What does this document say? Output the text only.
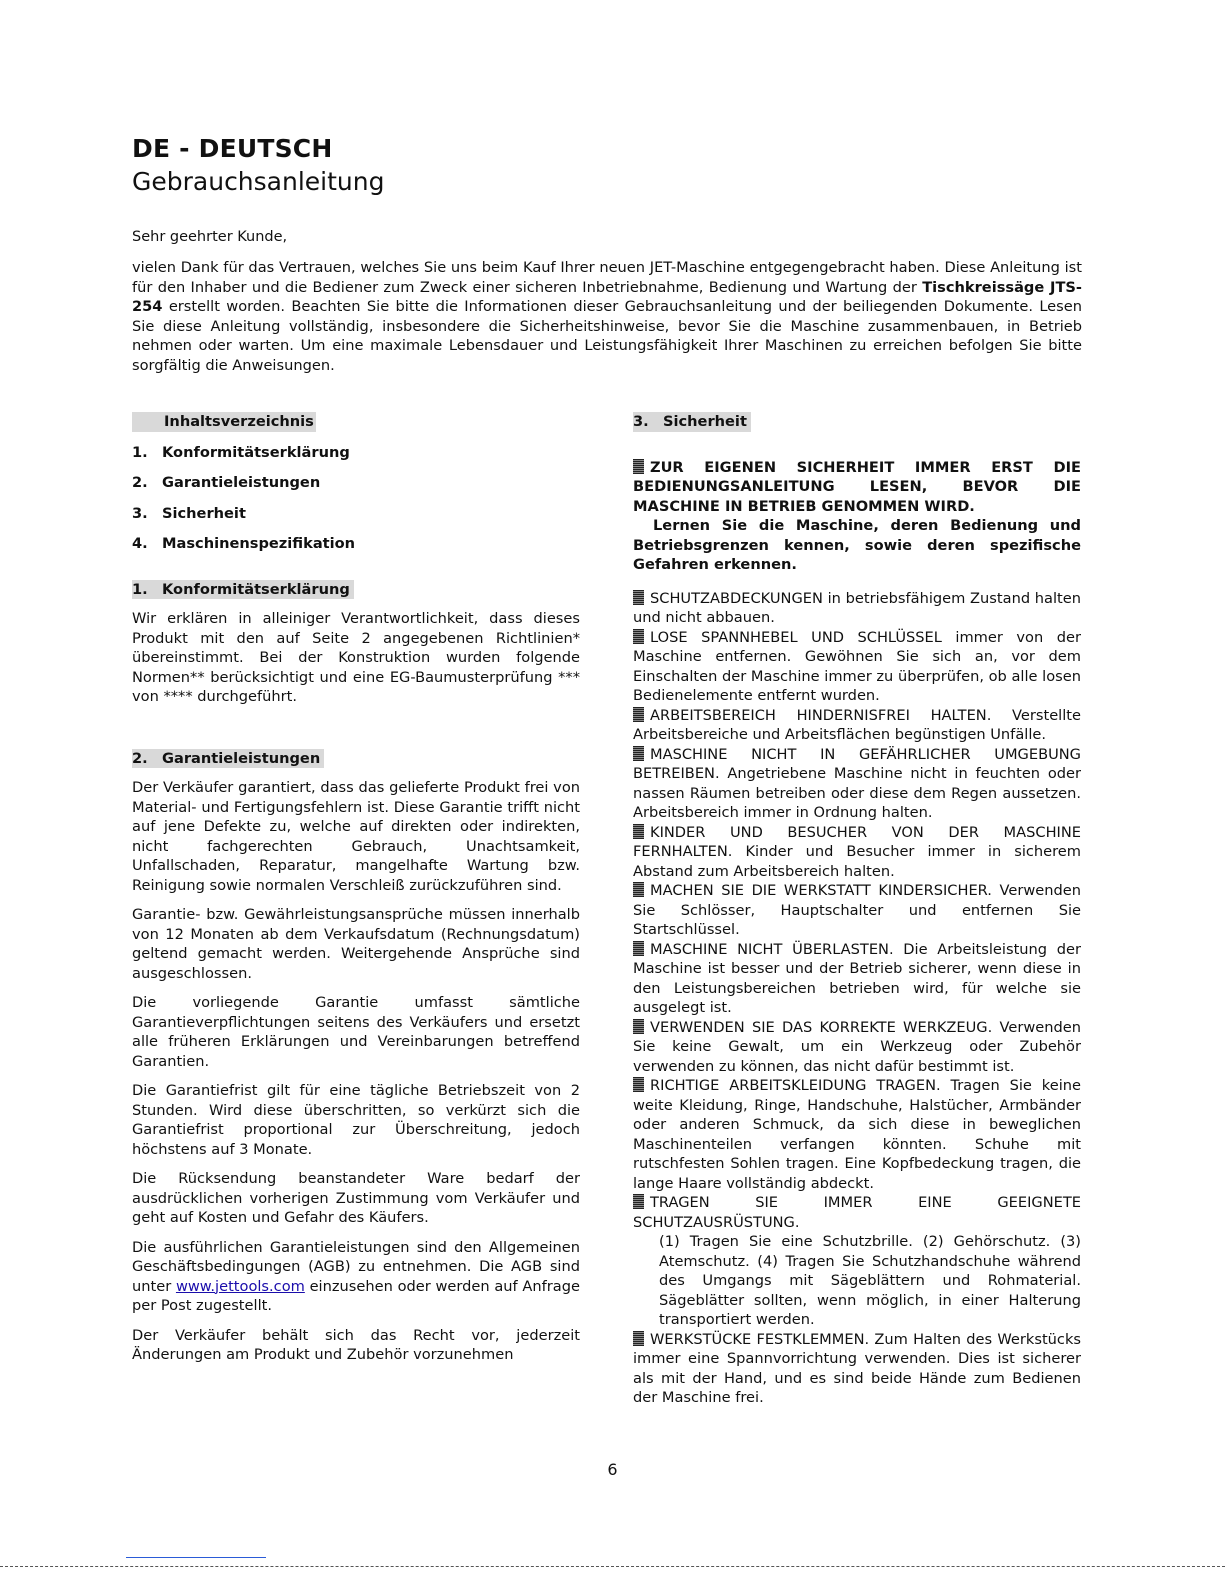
DE - DEUTSCH
Gebrauchsanleitung
Sehr geehrter Kunde,
vielen Dank für das Vertrauen, welches Sie uns beim Kauf Ihrer neuen JET-Maschine entgegengebracht haben. Diese Anleitung ist für den Inhaber und die Bediener zum Zweck einer sicheren Inbetriebnahme, Bedienung und Wartung der Tischkreissäge JTS-254 erstellt worden. Beachten Sie bitte die Informationen dieser Gebrauchsanleitung und der beiliegenden Dokumente. Lesen Sie diese Anleitung vollständig, insbesondere die Sicherheitshinweise, bevor Sie die Maschine zusammenbauen, in Betrieb nehmen oder warten. Um eine maximale Lebensdauer und Leistungsfähigkeit Ihrer Maschinen zu erreichen befolgen Sie bitte sorgfältig die Anweisungen.
Inhaltsverzeichnis
1. Konformitätserklärung
2. Garantieleistungen
3. Sicherheit
4. Maschinenspezifikation
1. Konformitätserklärung

Wir erklären in alleiniger Verantwortlichkeit, dass dieses Produkt mit den auf Seite 2 angegebenen Richtlinien* übereinstimmt. Bei der Konstruktion wurden folgende Normen** berücksichtigt und eine EG-Baumusterprüfung *** von **** durchgeführt.

2. Garantieleistungen

Der Verkäufer garantiert, dass das gelieferte Produkt frei von Material- und Fertigungsfehlern ist. Diese Garantie trifft nicht auf jene Defekte zu, welche auf direkten oder indirekten, nicht fachgerechten Gebrauch, Unachtsamkeit, Unfallschaden, Reparatur, mangelhafte Wartung bzw. Reinigung sowie normalen Verschleiß zurückzuführen sind.

Garantie- bzw. Gewährleistungsansprüche müssen innerhalb von 12 Monaten ab dem Verkaufsdatum (Rechnungsdatum) geltend gemacht werden. Weitergehende Ansprüche sind ausgeschlossen.

Die vorliegende Garantie umfasst sämtliche Garantieverpflichtungen seitens des Verkäufers und ersetzt alle früheren Erklärungen und Vereinbarungen betreffend Garantien.

Die Garantiefrist gilt für eine tägliche Betriebszeit von 2 Stunden. Wird diese überschritten, so verkürzt sich die Garantiefrist proportional zur Überschreitung, jedoch höchstens auf 3 Monate.

Die Rücksendung beanstandeter Ware bedarf der ausdrücklichen vorherigen Zustimmung vom Verkäufer und geht auf Kosten und Gefahr des Käufers.

Die ausführlichen Garantieleistungen sind den Allgemeinen Geschäftsbedingungen (AGB) zu entnehmen. Die AGB sind unter www.jettools.com einzusehen oder werden auf Anfrage per Post zugestellt.

Der Verkäufer behält sich das Recht vor, jederzeit Änderungen am Produkt und Zubehör vorzunehmen

3. Sicherheit
ZUR EIGENEN SICHERHEIT IMMER ERST DIE BEDIENUNGSANLEITUNG LESEN, BEVOR DIE MASCHINE IN BETRIEB GENOMMEN WIRD.
Lernen Sie die Maschine, deren Bedienung und Betriebsgrenzen kennen, sowie deren spezifische Gefahren erkennen.
SCHUTZABDECKUNGEN in betriebsfähigem Zustand halten und nicht abbauen.
LOSE SPANNHEBEL UND SCHLÜSSEL immer von der Maschine entfernen. Gewöhnen Sie sich an, vor dem Einschalten der Maschine immer zu überprüfen, ob alle losen Bedienelemente entfernt wurden.
ARBEITSBEREICH HINDERNISFREI HALTEN. Verstellte Arbeitsbereiche und Arbeitsflächen begünstigen Unfälle.
MASCHINE NICHT IN GEFÄHRLICHER UMGEBUNG BETREIBEN. Angetriebene Maschine nicht in feuchten oder nassen Räumen betreiben oder diese dem Regen aussetzen. Arbeitsbereich immer in Ordnung halten.
KINDER UND BESUCHER VON DER MASCHINE FERNHALTEN. Kinder und Besucher immer in sicherem Abstand zum Arbeitsbereich halten.
MACHEN SIE DIE WERKSTATT KINDERSICHER. Verwenden Sie Schlösser, Hauptschalter und entfernen Sie Startschlüssel.
MASCHINE NICHT ÜBERLASTEN. Die Arbeitsleistung der Maschine ist besser und der Betrieb sicherer, wenn diese in den Leistungsbereichen betrieben wird, für welche sie ausgelegt ist.
VERWENDEN SIE DAS KORREKTE WERKZEUG. Verwenden Sie keine Gewalt, um ein Werkzeug oder Zubehör verwenden zu können, das nicht dafür bestimmt ist.
RICHTIGE ARBEITSKLEIDUNG TRAGEN. Tragen Sie keine weite Kleidung, Ringe, Handschuhe, Halstücher, Armbänder oder anderen Schmuck, da sich diese in beweglichen Maschinenteilen verfangen könnten. Schuhe mit rutschfesten Sohlen tragen. Eine Kopfbedeckung tragen, die lange Haare vollständig abdeckt.
TRAGEN SIE IMMER EINE GEEIGNETE SCHUTZAUSRÜSTUNG.
(1) Tragen Sie eine Schutzbrille. (2) Gehörschutz. (3) Atemschutz. (4) Tragen Sie Schutzhandschuhe während des Umgangs mit Sägeblättern und Rohmaterial. Sägeblätter sollten, wenn möglich, in einer Halterung transportiert werden.
WERKSTÜCKE FESTKLEMMEN. Zum Halten des Werkstücks immer eine Spannvorrichtung verwenden. Dies ist sicherer als mit der Hand, und es sind beide Hände zum Bedienen der Maschine frei.
6
